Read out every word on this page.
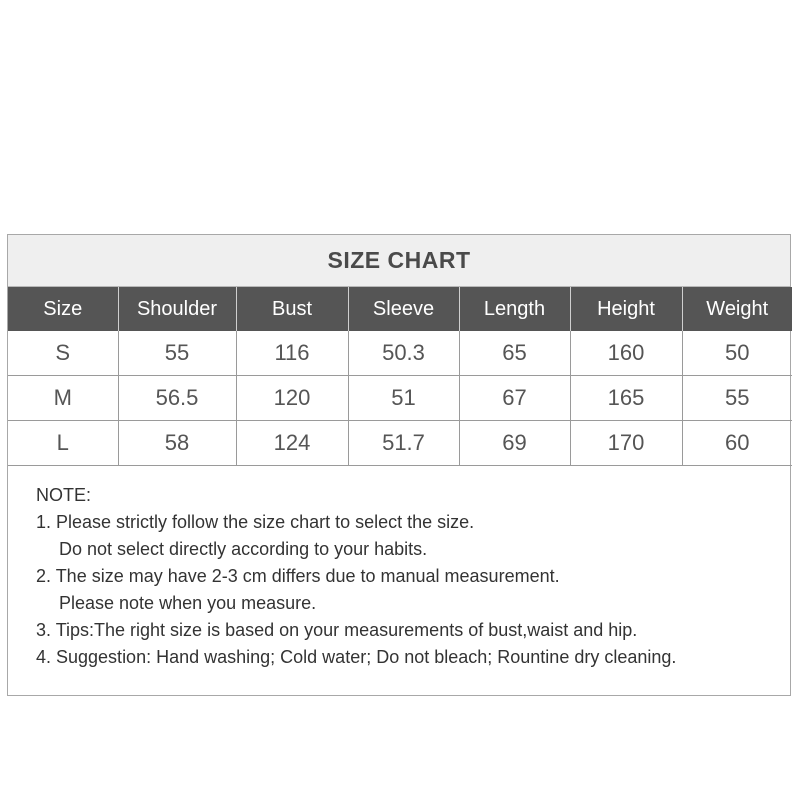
SIZE CHART
Size	Shoulder	Bust	Sleeve	Length	Height	Weight
S	55	116	50.3	65	160	50
M	56.5	120	51	67	165	55
L	58	124	51.7	69	170	60
NOTE:
1. Please strictly follow the size chart to select the size.
Do not select directly according to your habits.
2. The size may have 2-3 cm differs due to manual measurement.
Please note when you measure.
3. Tips:The right size is based on your measurements of bust,waist and hip.
4. Suggestion: Hand washing; Cold water; Do not bleach; Rountine dry cleaning.
